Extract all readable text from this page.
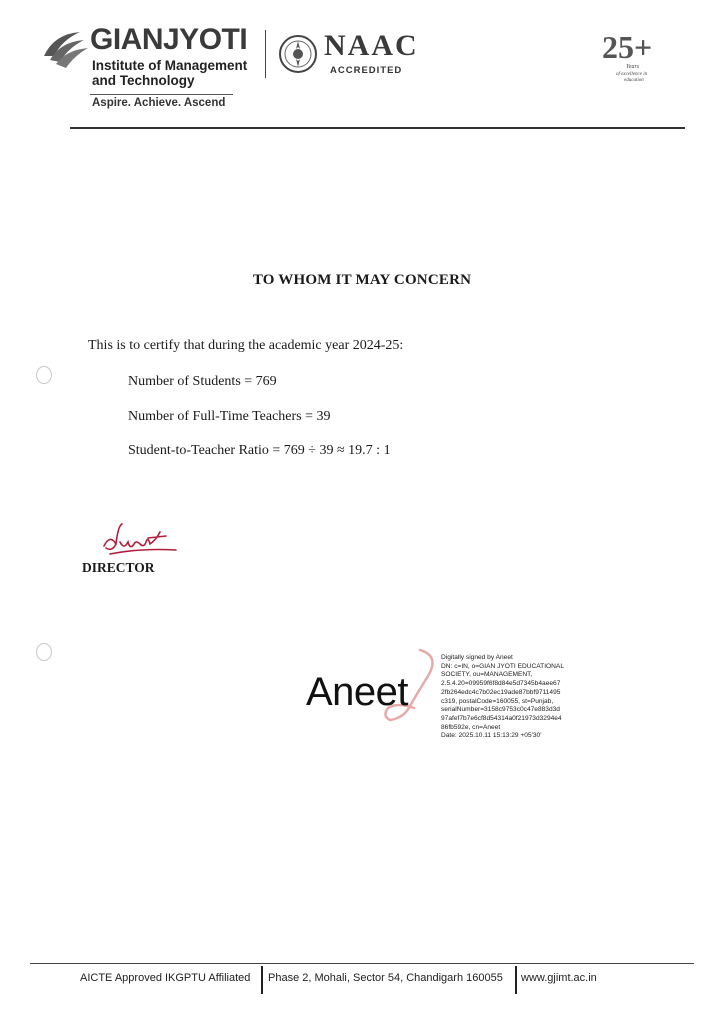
GIANJYOTI
Institute of Management
and Technology
Aspire. Achieve. Ascend
NAAC
ACCREDITED
25+
Years
of excellence in
education
TO WHOM IT MAY CONCERN
This is to certify that during the academic year 2024-25:
Number of Students = 769
Number of Full-Time Teachers = 39
Student-to-Teacher Ratio = 769 ÷ 39 ≈ 19.7 : 1
DIRECTOR
Aneet
Digitally signed by Aneet
DN: c=IN, o=GIAN JYOTI EDUCATIONAL
SOCIETY, ou=MANAGEMENT,
2.5.4.20=09959f6f8d84e5d7345b4aee67
2fb264edc4c7b02ec19ade87bbf9711495
c319, postalCode=160055, st=Punjab,
serialNumber=3158c9753c0c47e883d3d
97afef7b7e6cf8d54314a0f21973d3294e4
86fb592e, cn=Aneet
Date: 2025.10.11 15:13:29 +05'30'
AICTE Approved IKGPTU Affiliated Phase 2, Mohali, Sector 54, Chandigarh 160055 www.gjimt.ac.in
